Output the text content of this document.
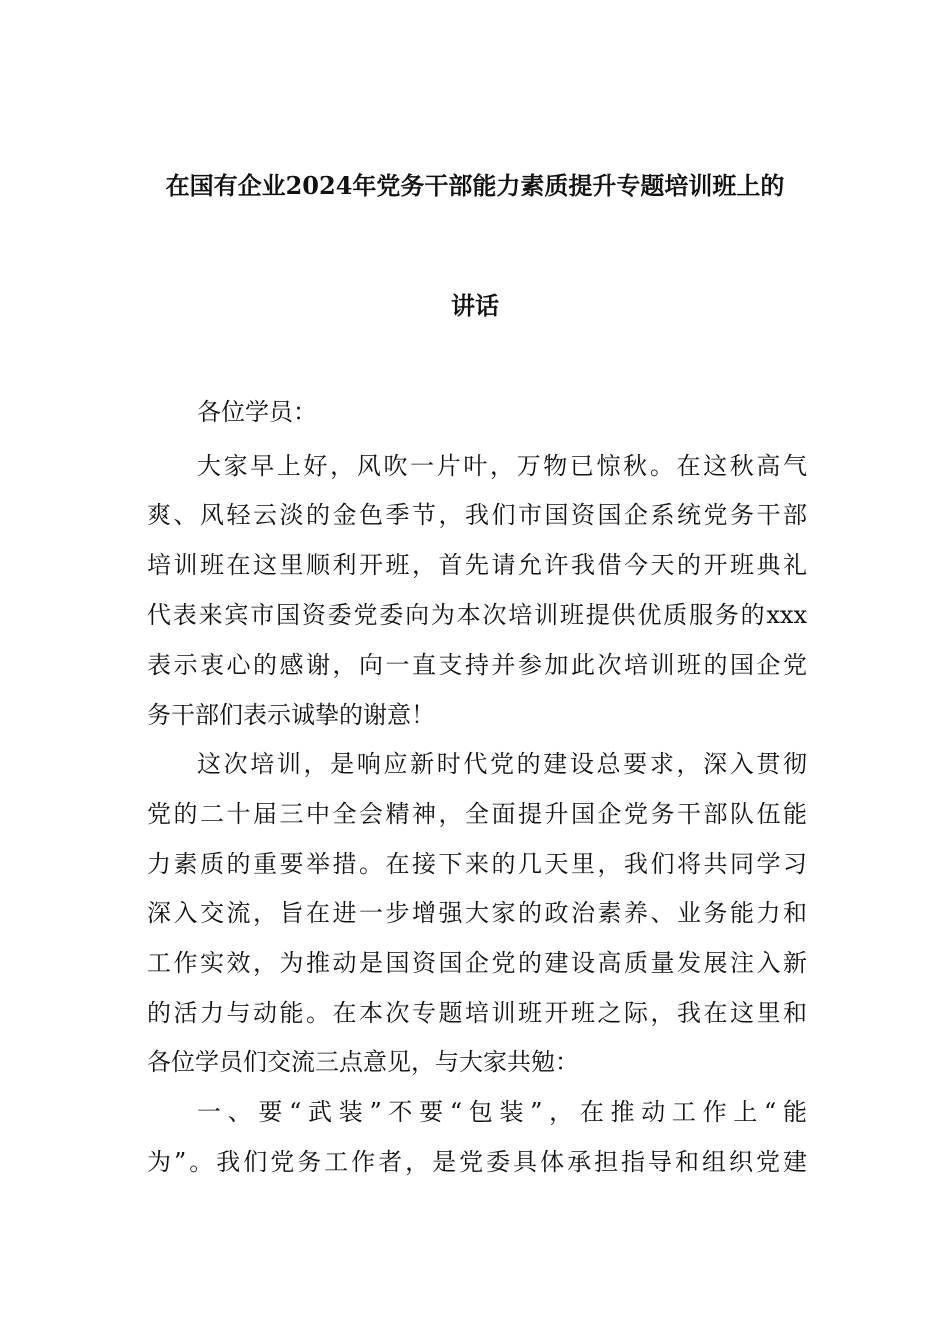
在国有企业2024年党务干部能力素质提升专题培训班上的
讲话
各位学员：
大家早上好，风吹一片叶，万物已惊秋。在这秋高气
爽、风轻云淡的金色季节，我们市国资国企系统党务干部
培训班在这里顺利开班，首先请允许我借今天的开班典礼
代表来宾市国资委党委向为本次培训班提供优质服务的xxx
表示衷心的感谢，向一直支持并参加此次培训班的国企党
务干部们表示诚挚的谢意！
这次培训，是响应新时代党的建设总要求，深入贯彻
党的二十届三中全会精神，全面提升国企党务干部队伍能
力素质的重要举措。在接下来的几天里，我们将共同学习
深入交流，旨在进一步增强大家的政治素养、业务能力和
工作实效，为推动是国资国企党的建设高质量发展注入新
的活力与动能。在本次专题培训班开班之际，我在这里和
各位学员们交流三点意见，与大家共勉：
一、要“武装”不要“包装”，在推动工作上“能
为”。我们党务工作者，是党委具体承担指导和组织党建
